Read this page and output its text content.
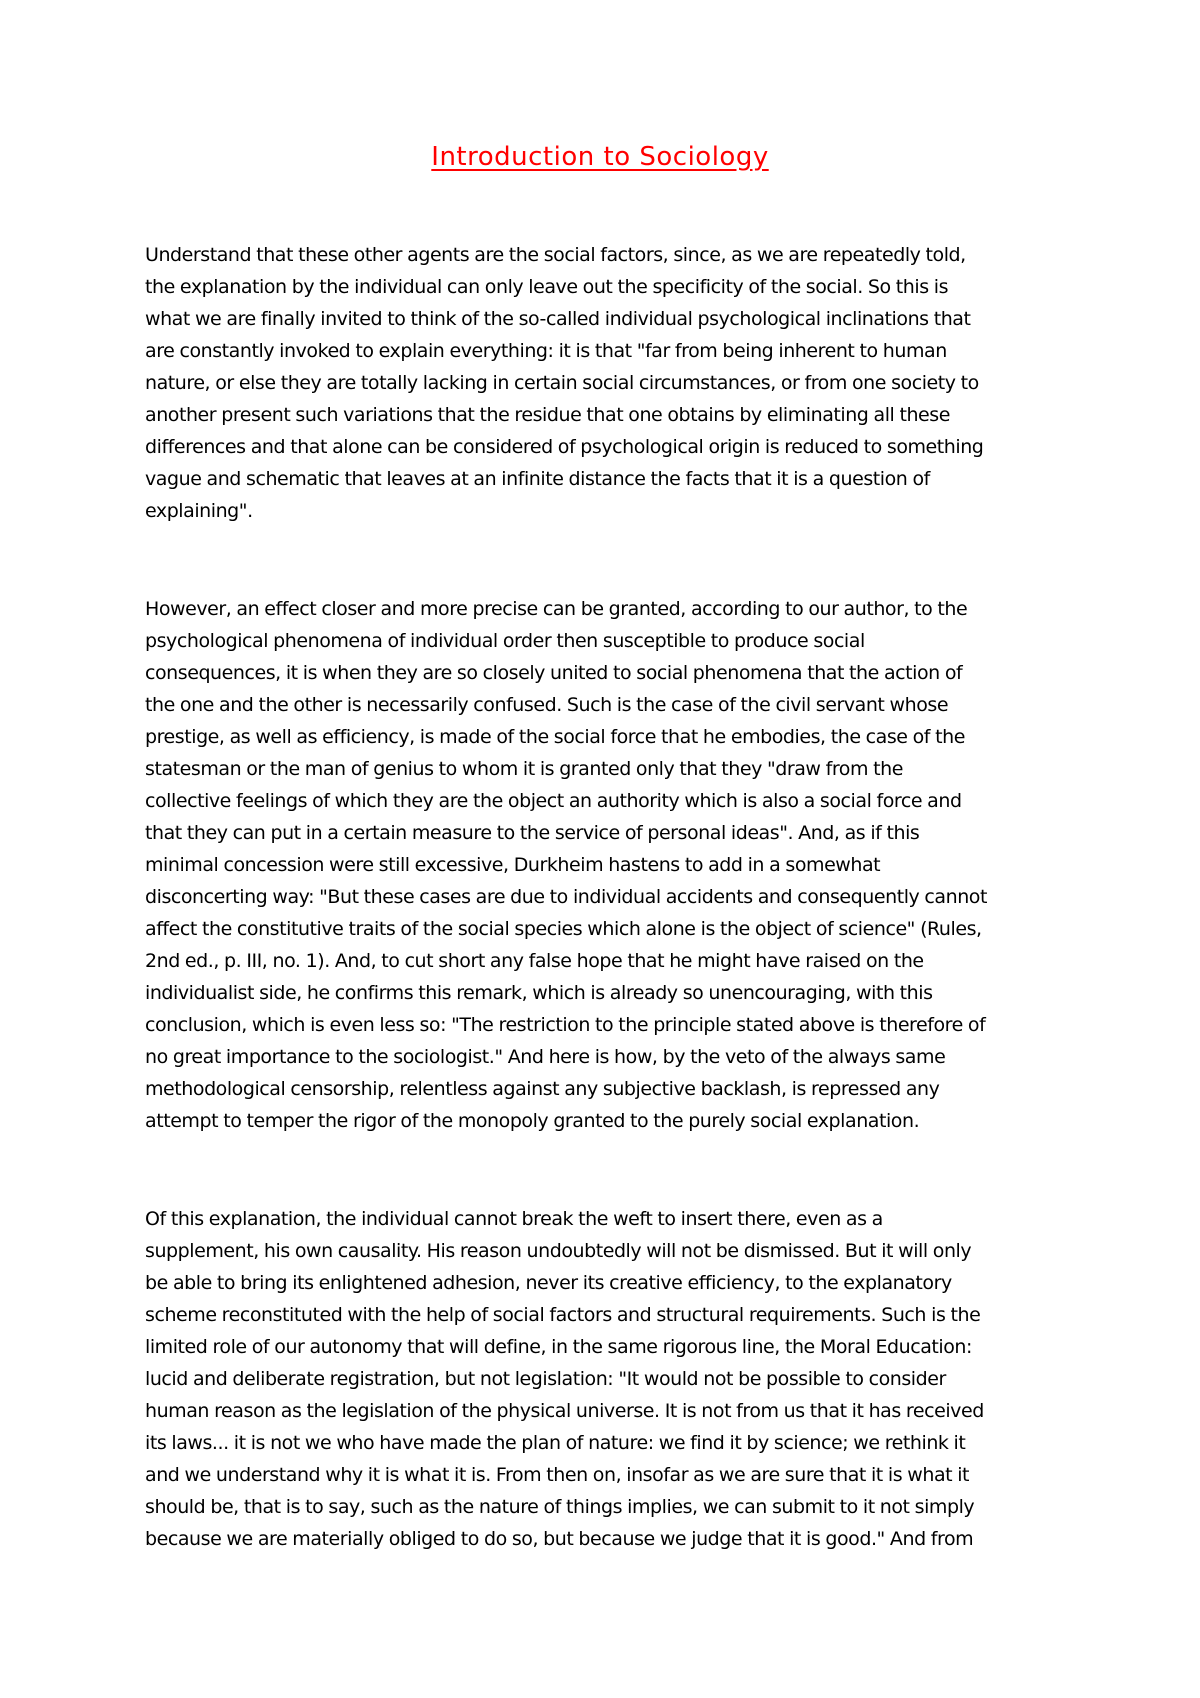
Introduction to Sociology

Understand that these other agents are the social factors, since, as we are repeatedly told,
the explanation by the individual can only leave out the specificity of the social. So this is
what we are finally invited to think of the so-called individual psychological inclinations that
are constantly invoked to explain everything: it is that "far from being inherent to human
nature, or else they are totally lacking in certain social circumstances, or from one society to
another present such variations that the residue that one obtains by eliminating all these
differences and that alone can be considered of psychological origin is reduced to something
vague and schematic that leaves at an infinite distance the facts that it is a question of
explaining".

However, an effect closer and more precise can be granted, according to our author, to the
psychological phenomena of individual order then susceptible to produce social
consequences, it is when they are so closely united to social phenomena that the action of
the one and the other is necessarily confused. Such is the case of the civil servant whose
prestige, as well as efficiency, is made of the social force that he embodies, the case of the
statesman or the man of genius to whom it is granted only that they "draw from the
collective feelings of which they are the object an authority which is also a social force and
that they can put in a certain measure to the service of personal ideas". And, as if this
minimal concession were still excessive, Durkheim hastens to add in a somewhat
disconcerting way: "But these cases are due to individual accidents and consequently cannot
affect the constitutive traits of the social species which alone is the object of science" (Rules,
2nd ed., p. III, no. 1). And, to cut short any false hope that he might have raised on the
individualist side, he confirms this remark, which is already so unencouraging, with this
conclusion, which is even less so: "The restriction to the principle stated above is therefore of
no great importance to the sociologist." And here is how, by the veto of the always same
methodological censorship, relentless against any subjective backlash, is repressed any
attempt to temper the rigor of the monopoly granted to the purely social explanation.

Of this explanation, the individual cannot break the weft to insert there, even as a
supplement, his own causality. His reason undoubtedly will not be dismissed. But it will only
be able to bring its enlightened adhesion, never its creative efficiency, to the explanatory
scheme reconstituted with the help of social factors and structural requirements. Such is the
limited role of our autonomy that will define, in the same rigorous line, the Moral Education:
lucid and deliberate registration, but not legislation: "It would not be possible to consider
human reason as the legislation of the physical universe. It is not from us that it has received
its laws... it is not we who have made the plan of nature: we find it by science; we rethink it
and we understand why it is what it is. From then on, insofar as we are sure that it is what it
should be, that is to say, such as the nature of things implies, we can submit to it not simply
because we are materially obliged to do so, but because we judge that it is good." And from
